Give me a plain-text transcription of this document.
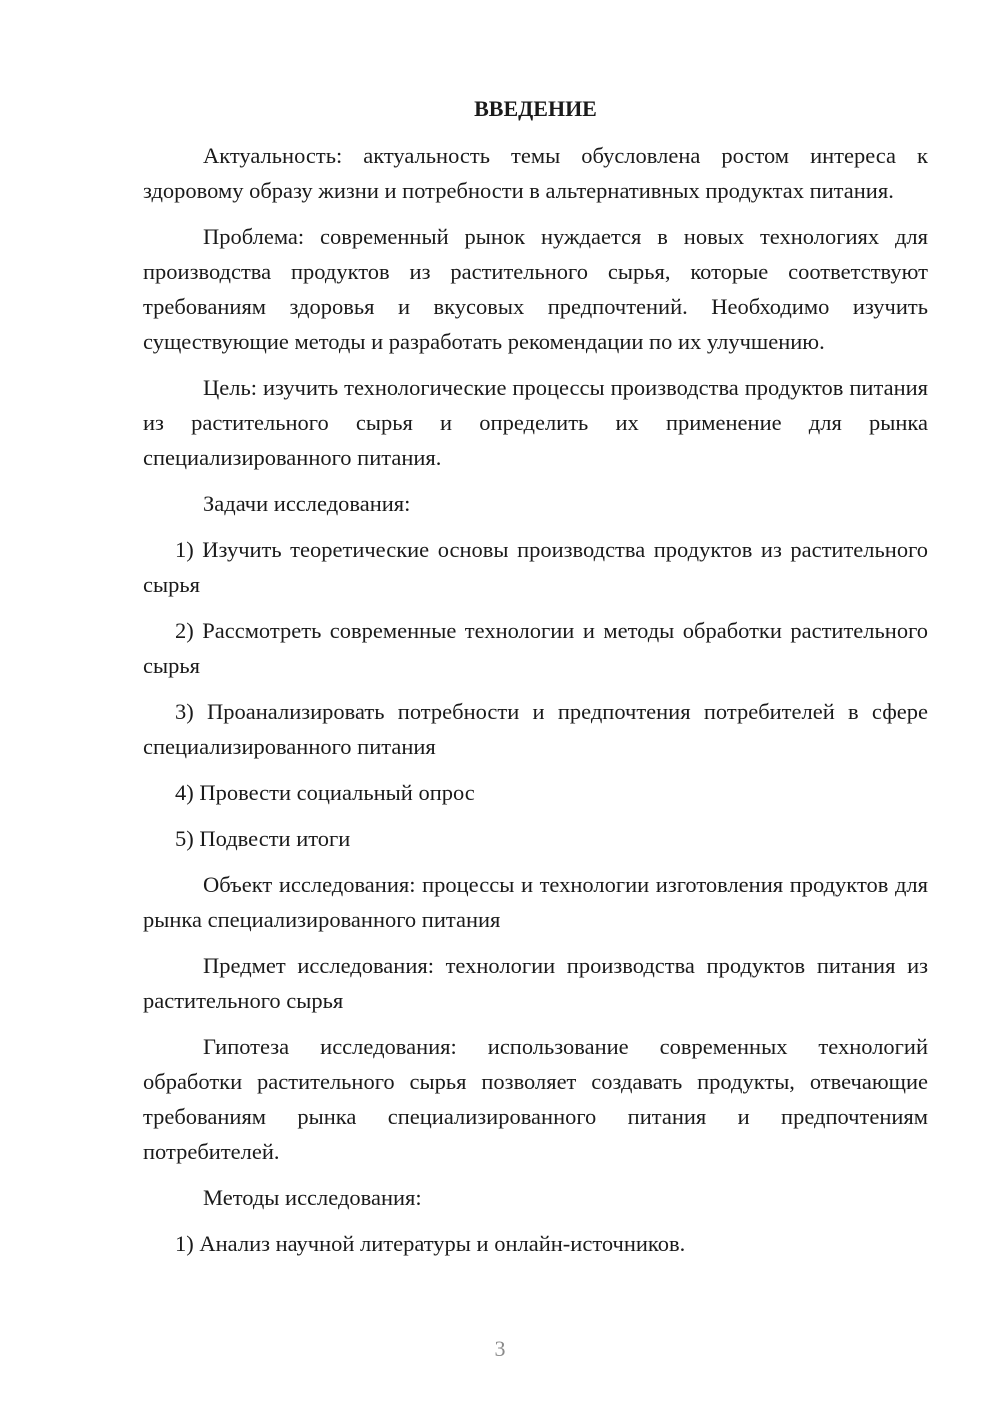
ВВЕДЕНИЕ

Актуальность: актуальность темы обусловлена ростом интереса к здоровому образу жизни и потребности в альтернативных продуктах питания.

Проблема: современный рынок нуждается в новых технологиях для производства продуктов из растительного сырья, которые соответствуют требованиям здоровья и вкусовых предпочтений. Необходимо изучить существующие методы и разработать рекомендации по их улучшению.

Цель: изучить технологические процессы производства продуктов питания из растительного сырья и определить их применение для рынка специализированного питания.

Задачи исследования:

1) Изучить теоретические основы производства продуктов из растительного сырья

2) Рассмотреть современные технологии и методы обработки растительного сырья

3) Проанализировать потребности и предпочтения потребителей в сфере специализированного питания

4) Провести социальный опрос

5) Подвести итоги

Объект исследования: процессы и технологии изготовления продуктов для рынка специализированного питания

Предмет исследования: технологии производства продуктов питания из растительного сырья

Гипотеза исследования: использование современных технологий обработки растительного сырья позволяет создавать продукты, отвечающие требованиям рынка специализированного питания и предпочтениям потребителей.

Методы исследования:

1) Анализ научной литературы и онлайн-источников.

3
